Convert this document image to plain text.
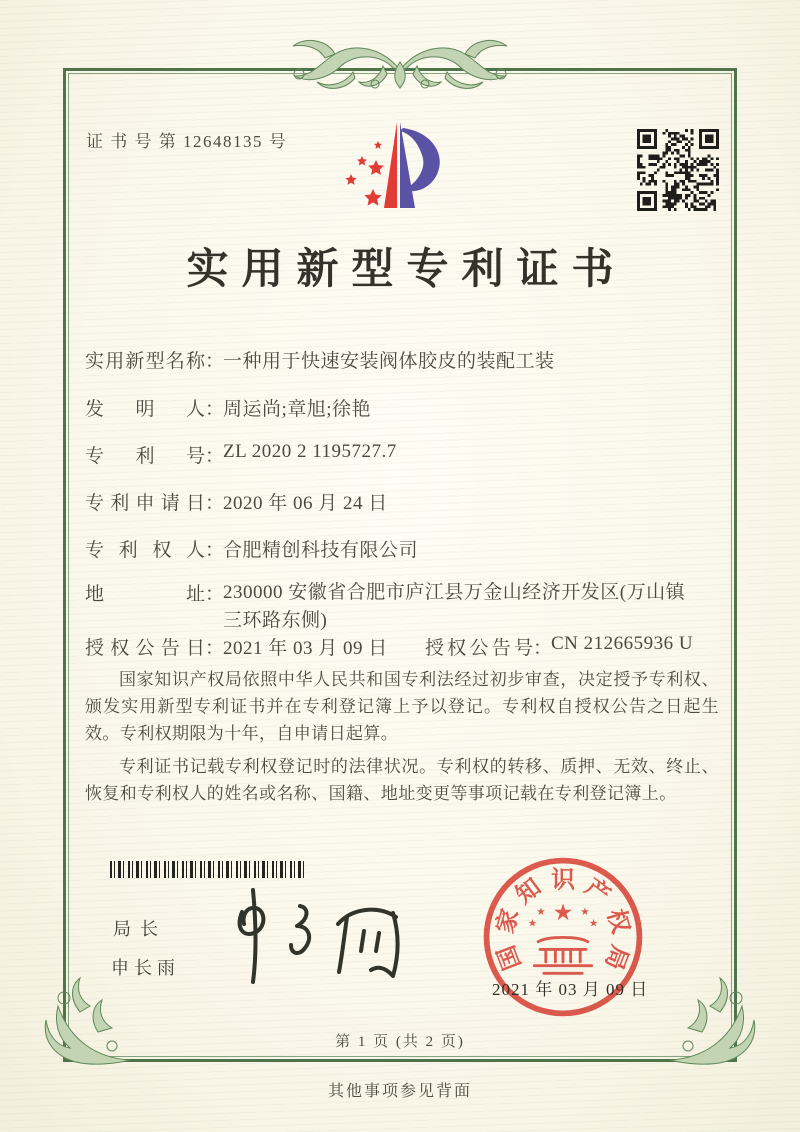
证 书 号 第 12648135 号
实用新型专利证书
实用新型名称：一种用于快速安装阀体胶皮的装配工装
发明人：周运尚;章旭;徐艳
专利号：ZL 2020 2 1195727.7
专利申请日：2020 年 06 月 24 日
专利权人：合肥精创科技有限公司
地址：230000 安徽省合肥市庐江县万金山经济开发区(万山镇三环路东侧)
授权公告日：2021 年 03 月 09 日 授权公告号：CN 212665936 U

国家知识产权局依照中华人民共和国专利法经过初步审查，决定授予专利权、颁发实用新型专利证书并在专利登记簿上予以登记。专利权自授权公告之日起生效。专利权期限为十年，自申请日起算。

专利证书记载专利权登记时的法律状况。专利权的转移、质押、无效、终止、恢复和专利权人的姓名或名称、国籍、地址变更等事项记载在专利登记簿上。

局长
申长雨	国
家
知 识 产
权
局
★
★
★
★
★
2021 年 03 月 09 日
第 1 页 (共 2 页)
其他事项参见背面
